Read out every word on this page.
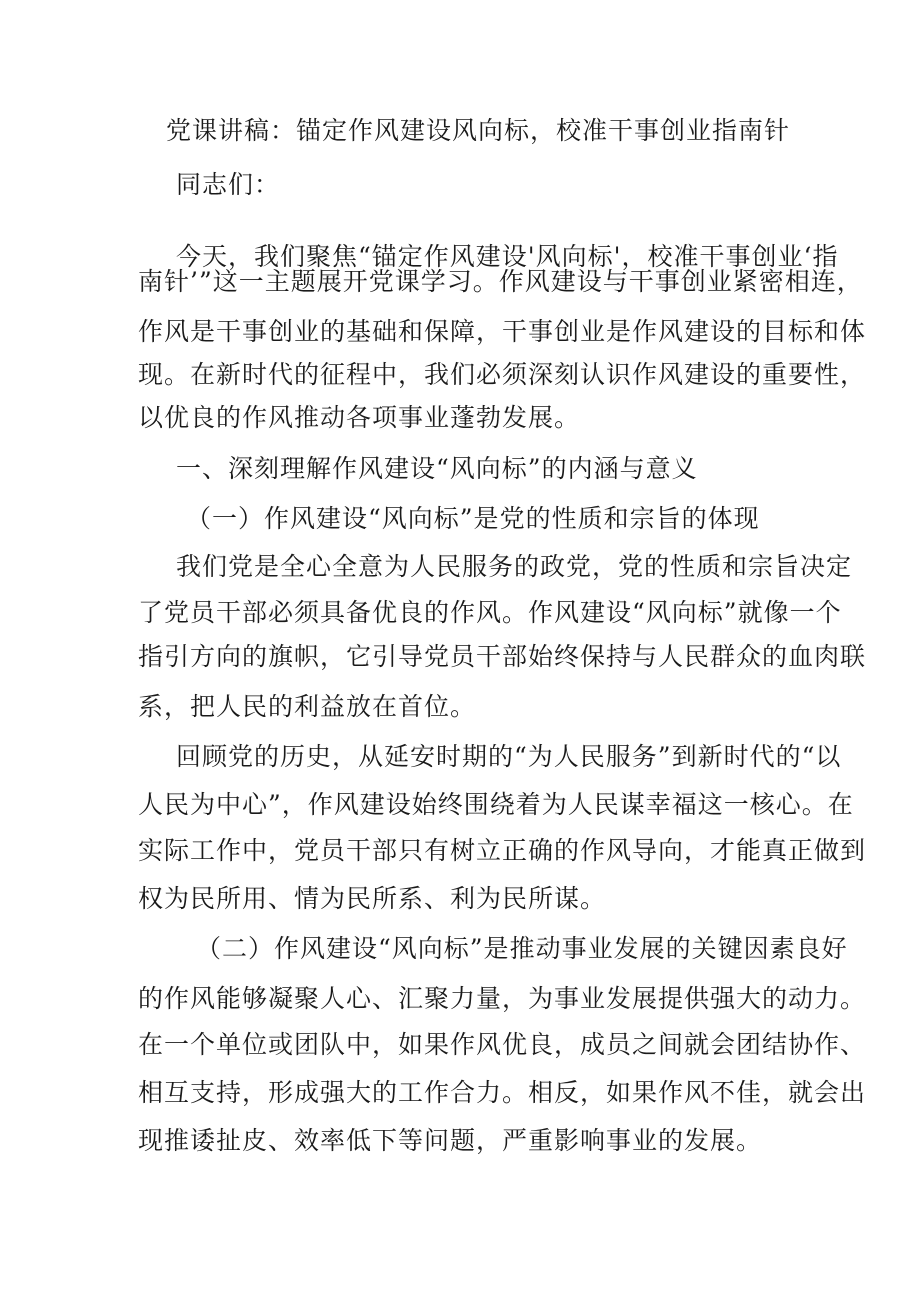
党课讲稿：锚定作风建设风向标，校准干事创业指南针
同志们：
今天，我们聚焦“锚定作风建设'风向标'，校准干事创业‘指
南针’”这一主题展开党课学习。作风建设与干事创业紧密相连，
作风是干事创业的基础和保障，干事创业是作风建设的目标和体
现。在新时代的征程中，我们必须深刻认识作风建设的重要性，
以优良的作风推动各项事业蓬勃发展。
一、深刻理解作风建设“风向标”的内涵与意义
（一）作风建设“风向标”是党的性质和宗旨的体现
我们党是全心全意为人民服务的政党，党的性质和宗旨决定
了党员干部必须具备优良的作风。作风建设“风向标”就像一个
指引方向的旗帜，它引导党员干部始终保持与人民群众的血肉联
系，把人民的利益放在首位。
回顾党的历史，从延安时期的“为人民服务”到新时代的“以
人民为中心”，作风建设始终围绕着为人民谋幸福这一核心。在
实际工作中，党员干部只有树立正确的作风导向，才能真正做到
权为民所用、情为民所系、利为民所谋。
（二）作风建设“风向标”是推动事业发展的关键因素良好
的作风能够凝聚人心、汇聚力量，为事业发展提供强大的动力。
在一个单位或团队中，如果作风优良，成员之间就会团结协作、
相互支持，形成强大的工作合力。相反，如果作风不佳，就会出
现推诿扯皮、效率低下等问题，严重影响事业的发展。
